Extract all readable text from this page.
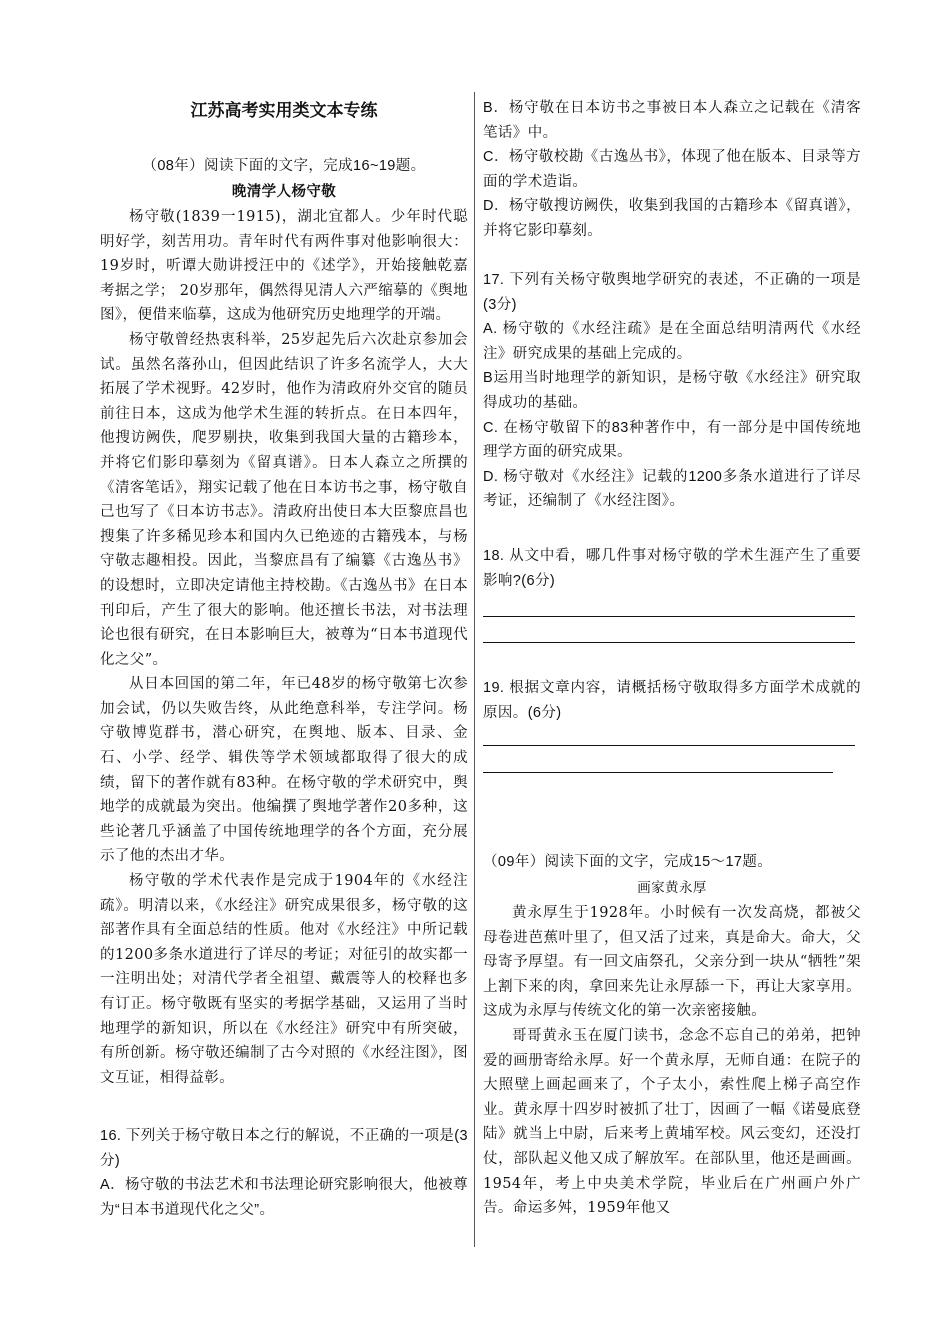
江苏高考实用类文本专练
（08年）阅读下面的文字，完成16~19题。
晚清学人杨守敬

杨守敬(1839一1915)，湖北宜都人。少年时代聪明好学，刻苦用功。青年时代有两件事对他影响很大：19岁时，听谭大勋讲授汪中的《述学》，开始接触乾嘉考据之学； 20岁那年，偶然得见清人六严缩摹的《舆地图》，便借来临摹，这成为他研究历史地理学的开端。

杨守敬曾经热衷科举，25岁起先后六次赴京参加会试。虽然名落孙山，但因此结识了许多名流学人，大大拓展了学术视野。42岁时，他作为清政府外交官的随员前往日本，这成为他学术生涯的转折点。在日本四年，他搜访阙佚，爬罗剔抉，收集到我国大量的古籍珍本，并将它们影印摹刻为《留真谱》。日本人森立之所撰的《清客笔话》，翔实记载了他在日本访书之事，杨守敬自己也写了《日本访书志》。清政府出使日本大臣黎庶昌也搜集了许多稀见珍本和国内久已绝迹的古籍残本，与杨守敬志趣相投。因此，当黎庶昌有了编纂《古逸丛书》的设想时，立即决定请他主持校勘。《古逸丛书》在日本刊印后，产生了很大的影响。他还擅长书法，对书法理论也很有研究，在日本影响巨大，被尊为“日本书道现代化之父”。

从日本回国的第二年，年已48岁的杨守敬第七次参加会试，仍以失败告终，从此绝意科举，专注学问。杨守敬博览群书，潜心研究，在舆地、版本、目录、金石、小学、经学、辑佚等学术领域都取得了很大的成绩，留下的著作就有83种。在杨守敬的学术研究中，舆地学的成就最为突出。他编撰了舆地学著作20多种，这些论著几乎涵盖了中国传统地理学的各个方面，充分展示了他的杰出才华。

杨守敬的学术代表作是完成于1904年的《水经注疏》。明清以来，《水经注》研究成果很多，杨守敬的这部著作具有全面总结的性质。他对《水经注》中所记载的1200多条水道进行了详尽的考证；对征引的故实都一一注明出处；对清代学者全祖望、戴震等人的校释也多有订正。杨守敬既有坚实的考据学基础，又运用了当时地理学的新知识，所以在《水经注》研究中有所突破，有所创新。杨守敬还编制了古今对照的《水经注图》，图文互证，相得益彰。

16. 下列关于杨守敬日本之行的解说，不正确的一项是(3分)

A．杨守敬的书法艺术和书法理论研究影响很大，他被尊为“日本书道现代化之父”。

B．杨守敬在日本访书之事被日本人森立之记载在《清客笔话》中。

C．杨守敬校勘《古逸丛书》，体现了他在版本、目录等方面的学术造诣。

D．杨守敬搜访阙佚，收集到我国的古籍珍本《留真谱》，并将它影印摹刻。

17. 下列有关杨守敬舆地学研究的表述，不正确的一项是(3分)

A. 杨守敬的《水经注疏》是在全面总结明清两代《水经注》研究成果的基础上完成的。

B运用当时地理学的新知识，是杨守敬《水经注》研究取得成功的基础。

C. 在杨守敬留下的83种著作中，有一部分是中国传统地理学方面的研究成果。

D. 杨守敬对《水经注》记载的1200多条水道进行了详尽考证，还编制了《水经注图》。

18. 从文中看，哪几件事对杨守敬的学术生涯产生了重要影响?(6分)
19. 根据文章内容，请概括杨守敬取得多方面学术成就的原因。(6分)
（09年）阅读下面的文字，完成15～17题。
画家黄永厚

黄永厚生于1928年。小时候有一次发高烧，都被父母卷进芭蕉叶里了，但又活了过来，真是命大。命大，父母寄予厚望。有一回文庙祭孔，父亲分到一块从“牺牲”架上割下来的肉，拿回来先让永厚舔一下，再让大家享用。这成为永厚与传统文化的第一次亲密接触。

哥哥黄永玉在厦门读书，念念不忘自己的弟弟，把钟爱的画册寄给永厚。好一个黄永厚，无师自通：在院子的大照壁上画起画来了，个子太小，索性爬上梯子高空作业。黄永厚十四岁时被抓了壮丁，因画了一幅《诺曼底登陆》就当上中尉，后来考上黄埔军校。风云变幻，还没打仗，部队起义他又成了解放军。在部队里，他还是画画。1954年，考上中央美术学院，毕业后在广州画户外广告。命运多舛，1959年他又
